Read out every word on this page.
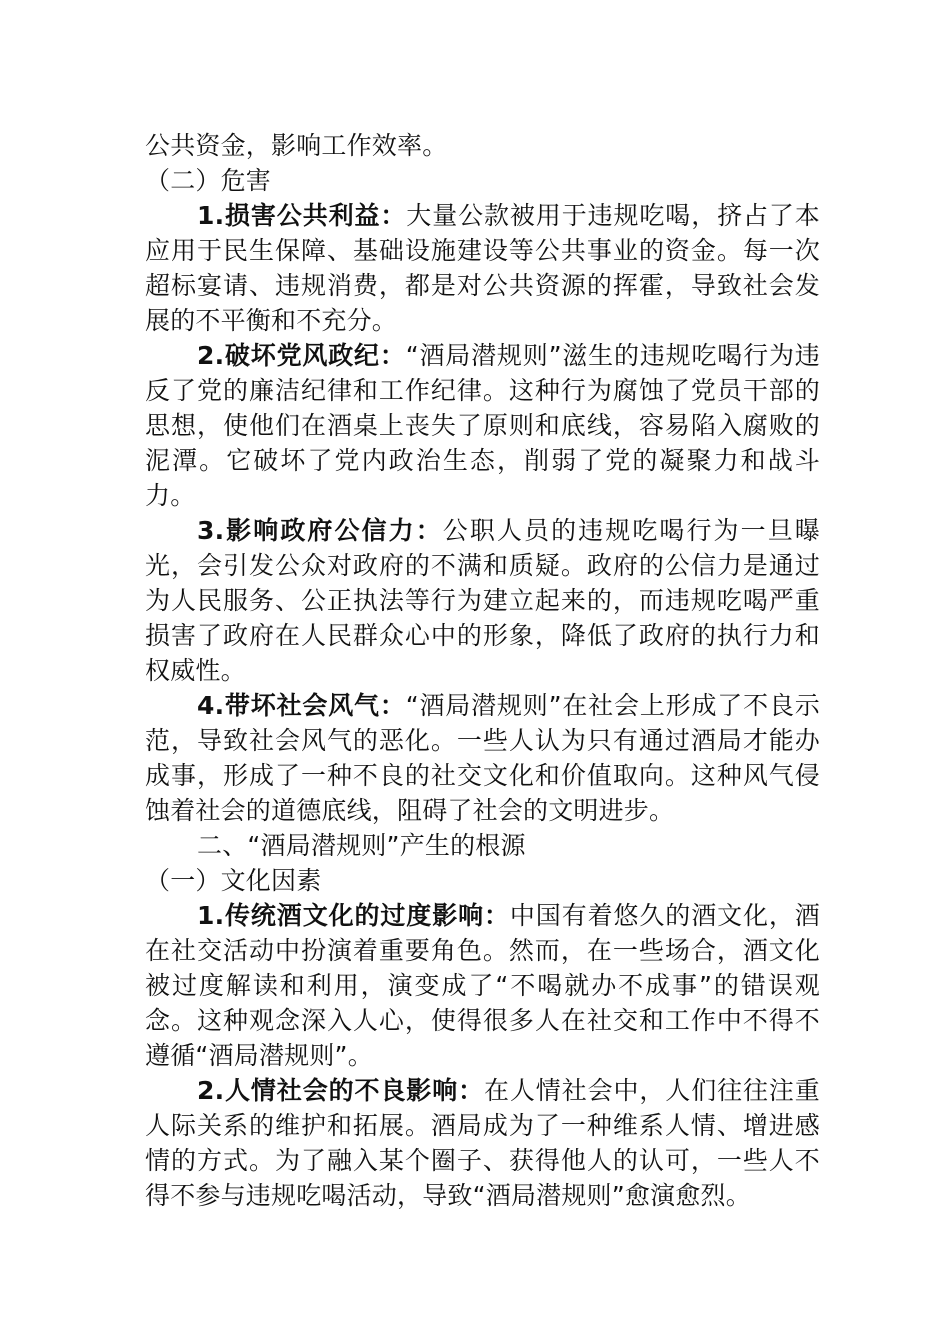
公共资金，影响工作效率。

（二）危害

1.损害公共利益：大量公款被用于违规吃喝，挤占了本应用于民生保障、基础设施建设等公共事业的资金。每一次超标宴请、违规消费，都是对公共资源的挥霍，导致社会发展的不平衡和不充分。

2.破坏党风政纪：“酒局潜规则”滋生的违规吃喝行为违反了党的廉洁纪律和工作纪律。这种行为腐蚀了党员干部的思想，使他们在酒桌上丧失了原则和底线，容易陷入腐败的泥潭。它破坏了党内政治生态，削弱了党的凝聚力和战斗力。

3.影响政府公信力：公职人员的违规吃喝行为一旦曝光，会引发公众对政府的不满和质疑。政府的公信力是通过为人民服务、公正执法等行为建立起来的，而违规吃喝严重损害了政府在人民群众心中的形象，降低了政府的执行力和权威性。

4.带坏社会风气：“酒局潜规则”在社会上形成了不良示范，导致社会风气的恶化。一些人认为只有通过酒局才能办成事，形成了一种不良的社交文化和价值取向。这种风气侵蚀着社会的道德底线，阻碍了社会的文明进步。

二、“酒局潜规则”产生的根源

（一）文化因素

1.传统酒文化的过度影响：中国有着悠久的酒文化，酒在社交活动中扮演着重要角色。然而，在一些场合，酒文化被过度解读和利用，演变成了“不喝就办不成事”的错误观念。这种观念深入人心，使得很多人在社交和工作中不得不遵循“酒局潜规则”。

2.人情社会的不良影响：在人情社会中，人们往往注重人际关系的维护和拓展。酒局成为了一种维系人情、增进感情的方式。为了融入某个圈子、获得他人的认可，一些人不得不参与违规吃喝活动，导致“酒局潜规则”愈演愈烈。
